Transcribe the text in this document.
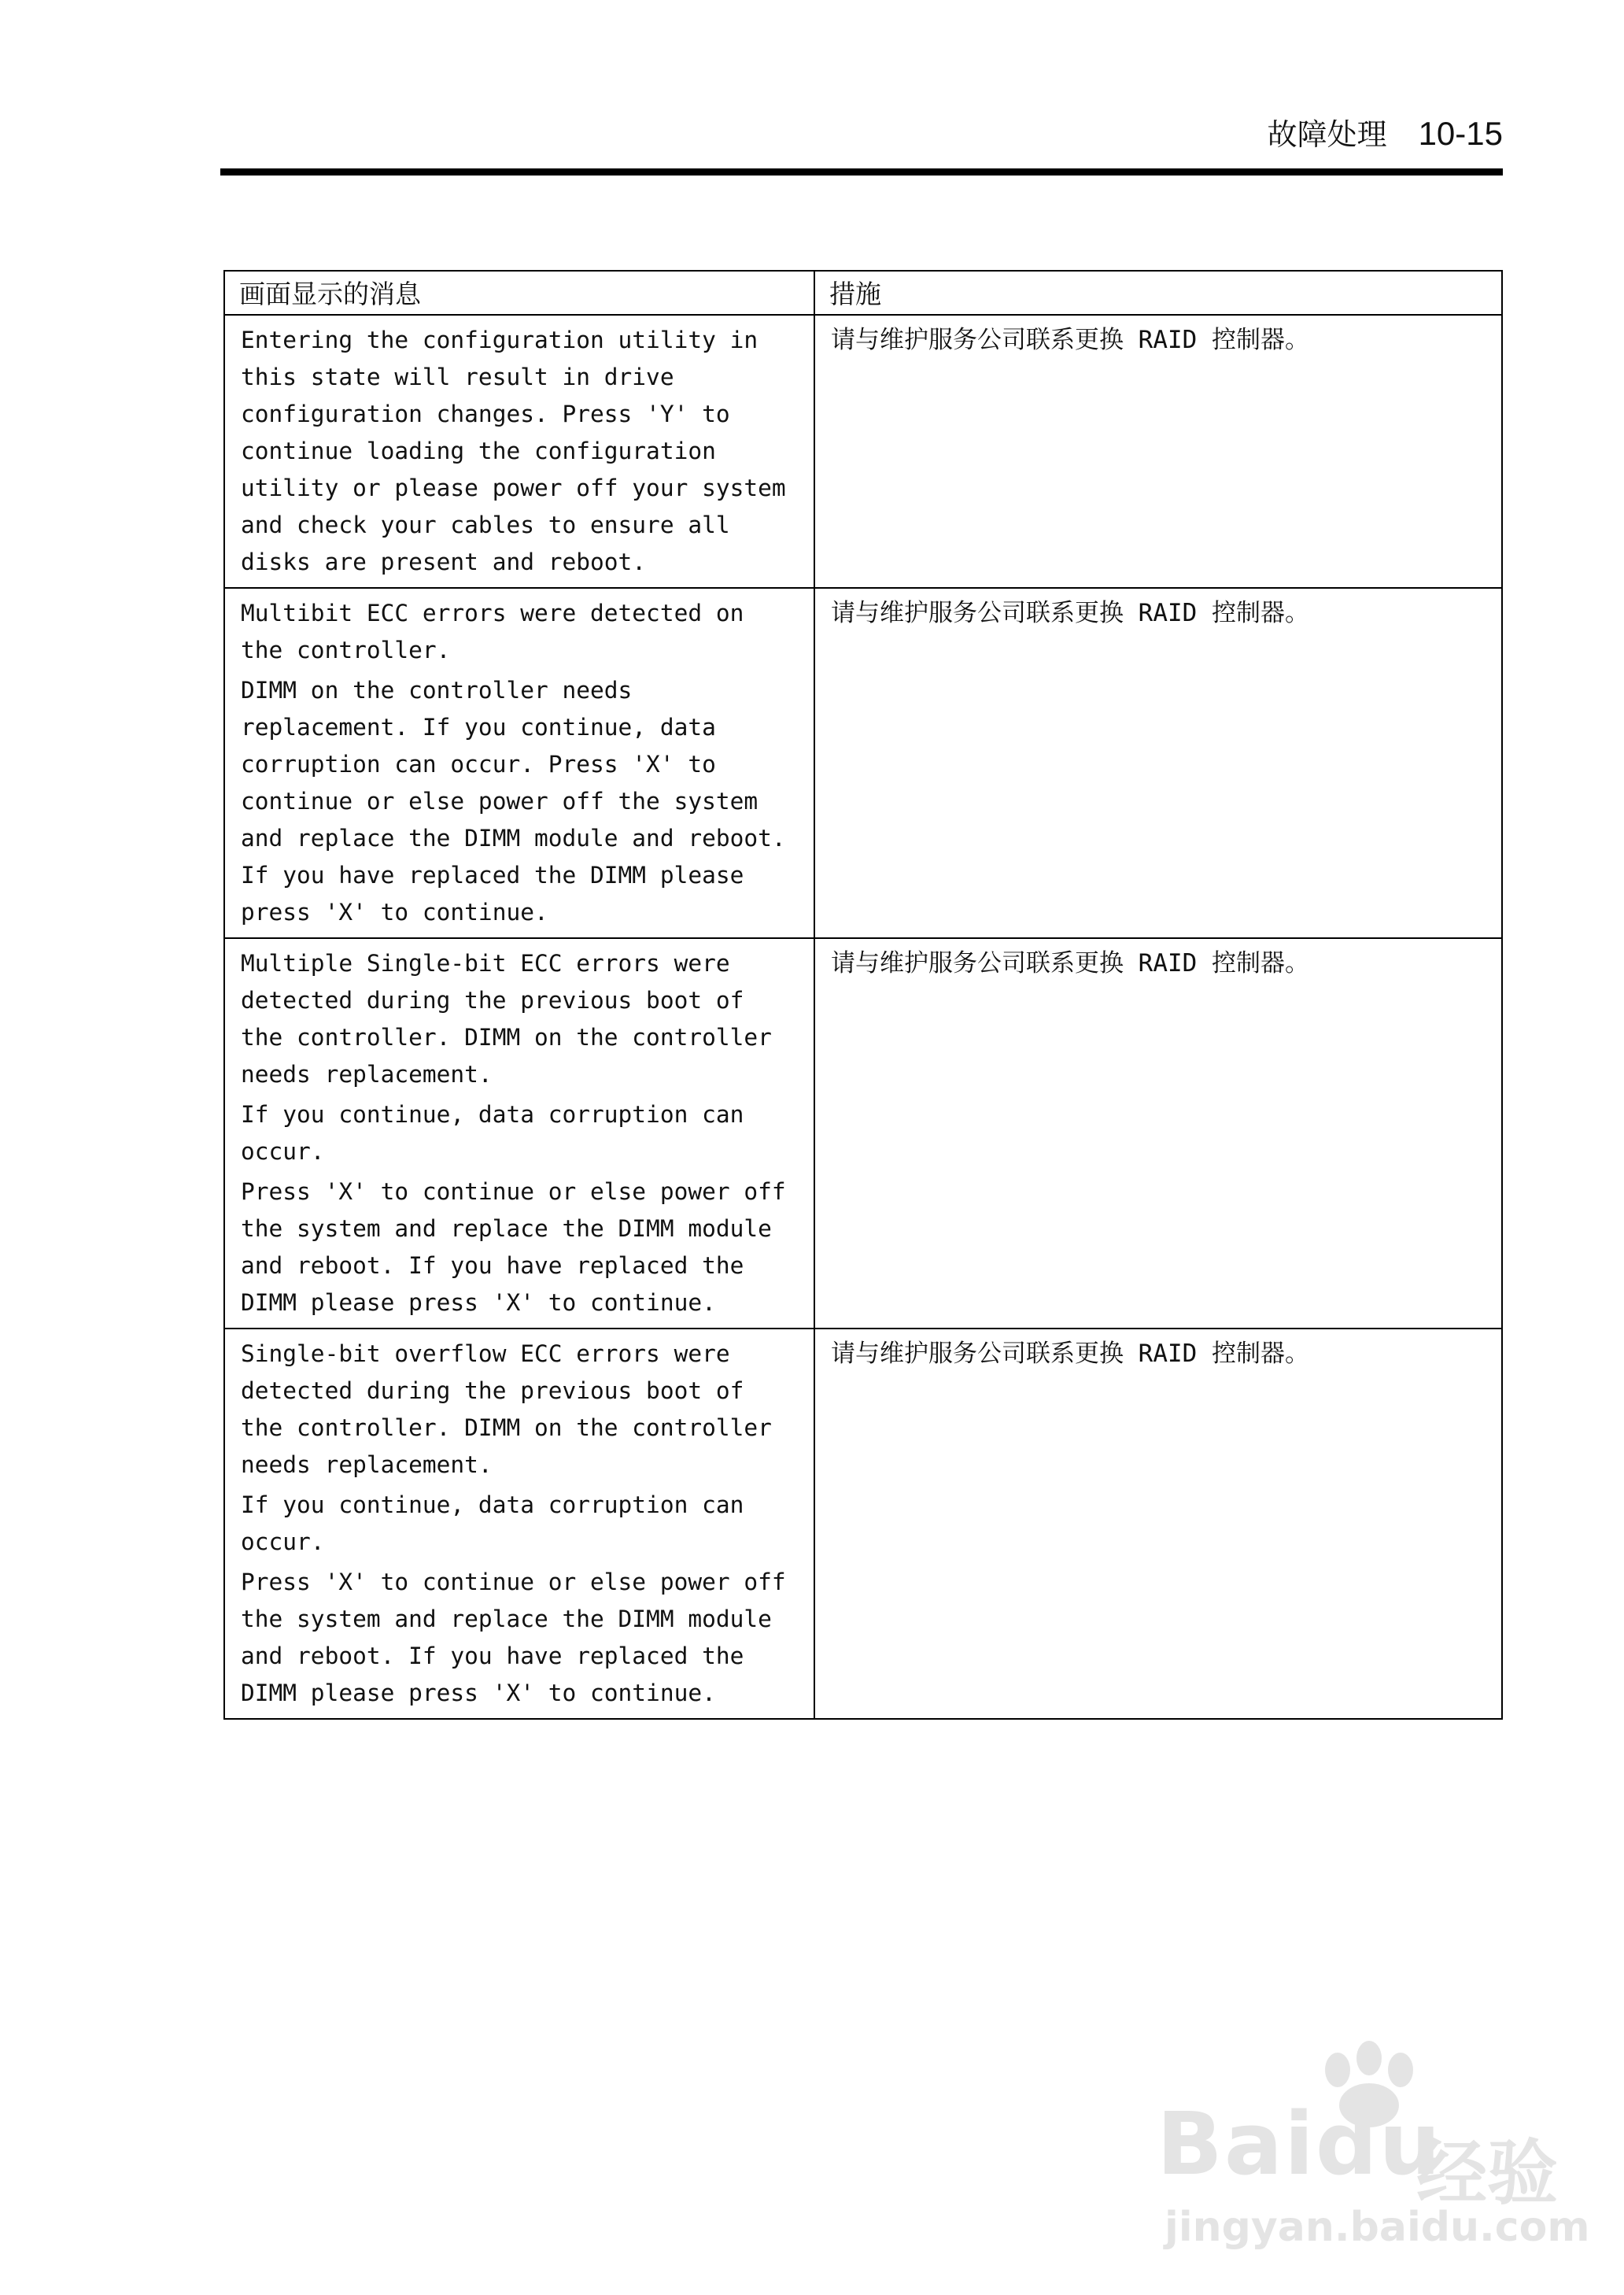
故障处理 10-15
画面显示的消息	措施

Entering the configuration utility in this state will result in drive configuration changes. Press 'Y' to continue loading the configuration utility or please power off your system and check your cables to ensure all disks are present and reboot.	请与维护服务公司联系更换 RAID 控制器。

Multibit ECC errors were detected on the controller.

DIMM on the controller needs replacement. If you continue, data corruption can occur. Press 'X' to continue or else power off the system and replace the DIMM module and reboot. If you have replaced the DIMM please press 'X' to continue.	请与维护服务公司联系更换 RAID 控制器。

Multiple Single-bit ECC errors were detected during the previous boot of the controller. DIMM on the controller needs replacement.

If you continue, data corruption can occur.

Press 'X' to continue or else power off the system and replace the DIMM module and reboot. If you have replaced the DIMM please press 'X' to continue.	请与维护服务公司联系更换 RAID 控制器。

Single-bit overflow ECC errors were detected during the previous boot of the controller. DIMM on the controller needs replacement.

If you continue, data corruption can occur.

Press 'X' to continue or else power off the system and replace the DIMM module and reboot. If you have replaced the DIMM please press 'X' to continue.	请与维护服务公司联系更换 RAID 控制器。
Baidu
经验
jingyan.baidu.com
